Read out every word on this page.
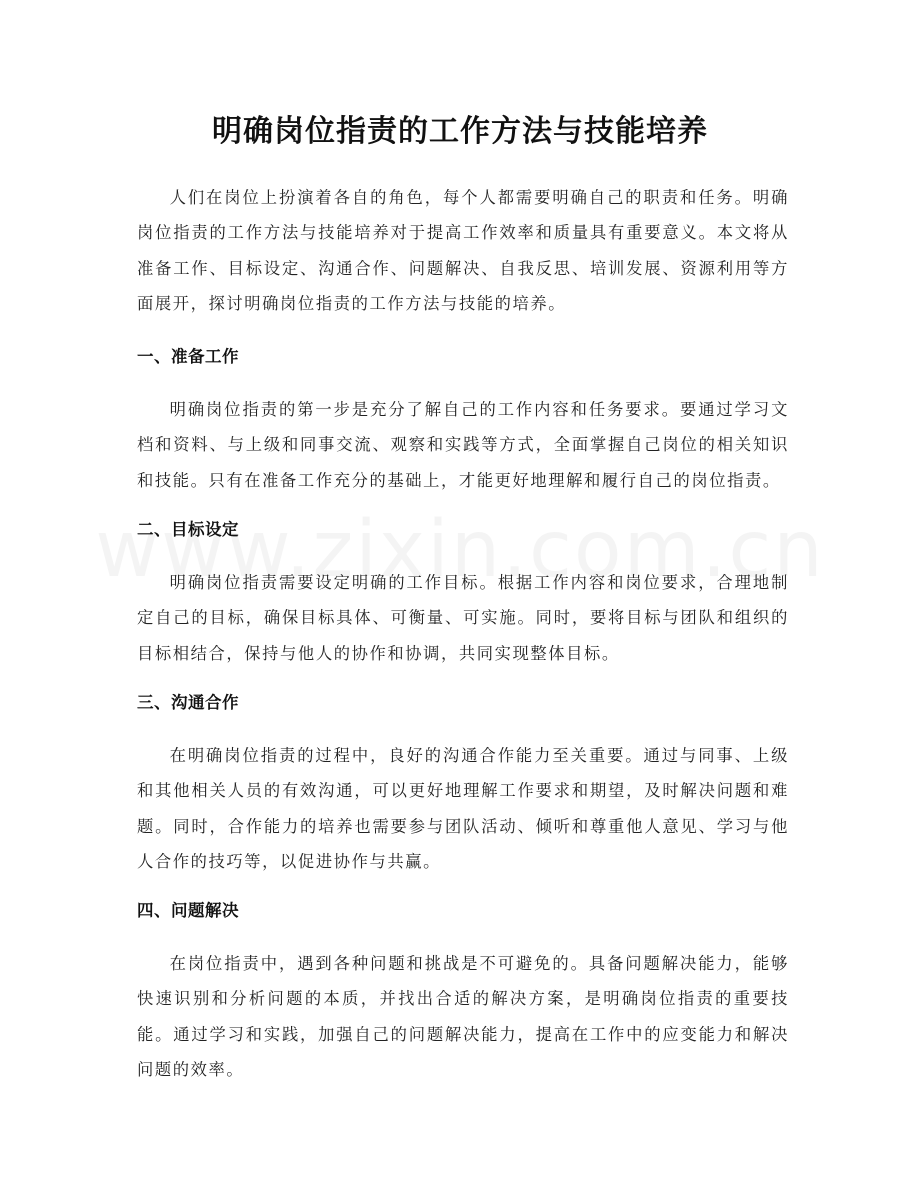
明确岗位指责的工作方法与技能培养

人们在岗位上扮演着各自的角色，每个人都需要明确自己的职责和任务。明确岗位指责的工作方法与技能培养对于提高工作效率和质量具有重要意义。本文将从准备工作、目标设定、沟通合作、问题解决、自我反思、培训发展、资源利用等方面展开，探讨明确岗位指责的工作方法与技能的培养。

一、准备工作

明确岗位指责的第一步是充分了解自己的工作内容和任务要求。要通过学习文档和资料、与上级和同事交流、观察和实践等方式，全面掌握自己岗位的相关知识和技能。只有在准备工作充分的基础上，才能更好地理解和履行自己的岗位指责。

二、目标设定

明确岗位指责需要设定明确的工作目标。根据工作内容和岗位要求，合理地制定自己的目标，确保目标具体、可衡量、可实施。同时，要将目标与团队和组织的目标相结合，保持与他人的协作和协调，共同实现整体目标。

三、沟通合作

在明确岗位指责的过程中，良好的沟通合作能力至关重要。通过与同事、上级和其他相关人员的有效沟通，可以更好地理解工作要求和期望，及时解决问题和难题。同时，合作能力的培养也需要参与团队活动、倾听和尊重他人意见、学习与他人合作的技巧等，以促进协作与共赢。

四、问题解决

在岗位指责中，遇到各种问题和挑战是不可避免的。具备问题解决能力，能够快速识别和分析问题的本质，并找出合适的解决方案，是明确岗位指责的重要技能。通过学习和实践，加强自己的问题解决能力，提高在工作中的应变能力和解决问题的效率。
